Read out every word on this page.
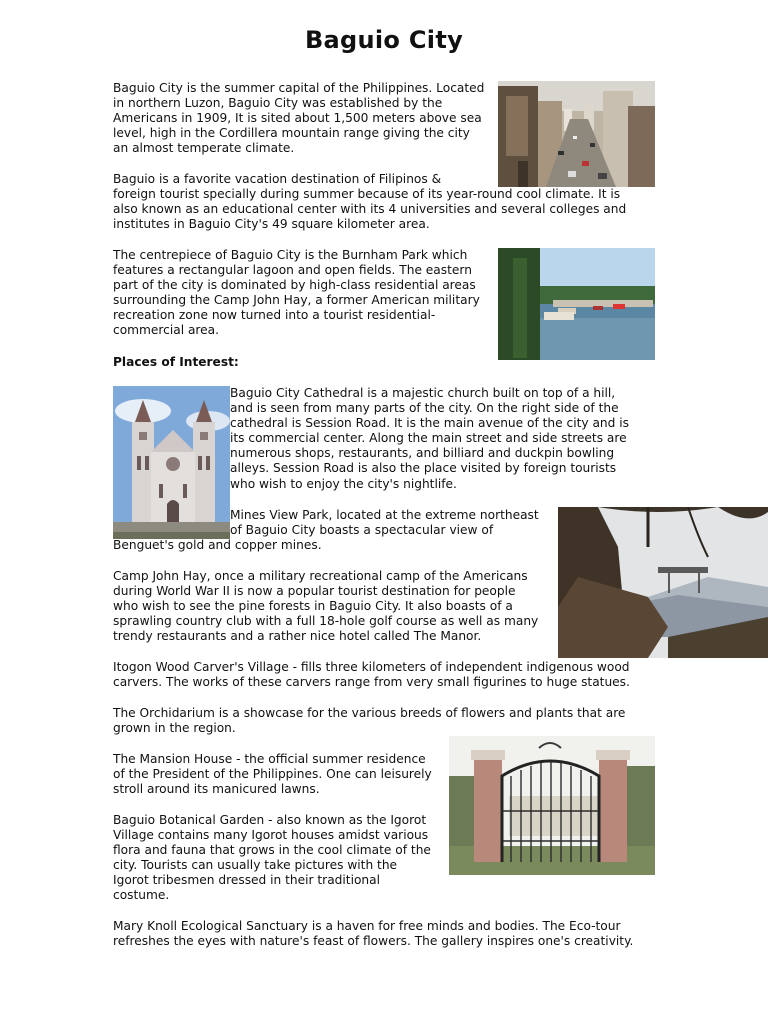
Baguio City

Baguio City is the summer capital of the Philippines. Located
in northern Luzon, Baguio City was established by the
Americans in 1909, It is sited about 1,500 meters above sea
level, high in the Cordillera mountain range giving the city
an almost temperate climate.

Baguio is a favorite vacation destination of Filipinos &
foreign tourist specially during summer because of its year-round cool climate. It is
also known as an educational center with its 4 universities and several colleges and
institutes in Baguio City's 49 square kilometer area.

The centrepiece of Baguio City is the Burnham Park which
features a rectangular lagoon and open fields. The eastern
part of the city is dominated by high-class residential areas
surrounding the Camp John Hay, a former American military
recreation zone now turned into a tourist residential-
commercial area.

Places of Interest:

Baguio City Cathedral is a majestic church built on top of a hill,
and is seen from many parts of the city. On the right side of the
cathedral is Session Road. It is the main avenue of the city and is
its commercial center. Along the main street and side streets are
numerous shops, restaurants, and billiard and duckpin bowling
alleys. Session Road is also the place visited by foreign tourists
who wish to enjoy the city's nightlife.

Mines View Park, located at the extreme northeast
of Baguio City boasts a spectacular view of

Benguet's gold and copper mines.

Camp John Hay, once a military recreational camp of the Americans
during World War II is now a popular tourist destination for people
who wish to see the pine forests in Baguio City. It also boasts of a
sprawling country club with a full 18-hole golf course as well as many
trendy restaurants and a rather nice hotel called The Manor.

Itogon Wood Carver's Village - fills three kilometers of independent indigenous wood
carvers. The works of these carvers range from very small figurines to huge statues.

The Orchidarium is a showcase for the various breeds of flowers and plants that are
grown in the region.

The Mansion House - the official summer residence
of the President of the Philippines. One can leisurely
stroll around its manicured lawns.

Baguio Botanical Garden - also known as the Igorot
Village contains many Igorot houses amidst various
flora and fauna that grows in the cool climate of the
city. Tourists can usually take pictures with the
Igorot tribesmen dressed in their traditional
costume.

Mary Knoll Ecological Sanctuary is a haven for free minds and bodies. The Eco-tour
refreshes the eyes with nature's feast of flowers. The gallery inspires one's creativity.
